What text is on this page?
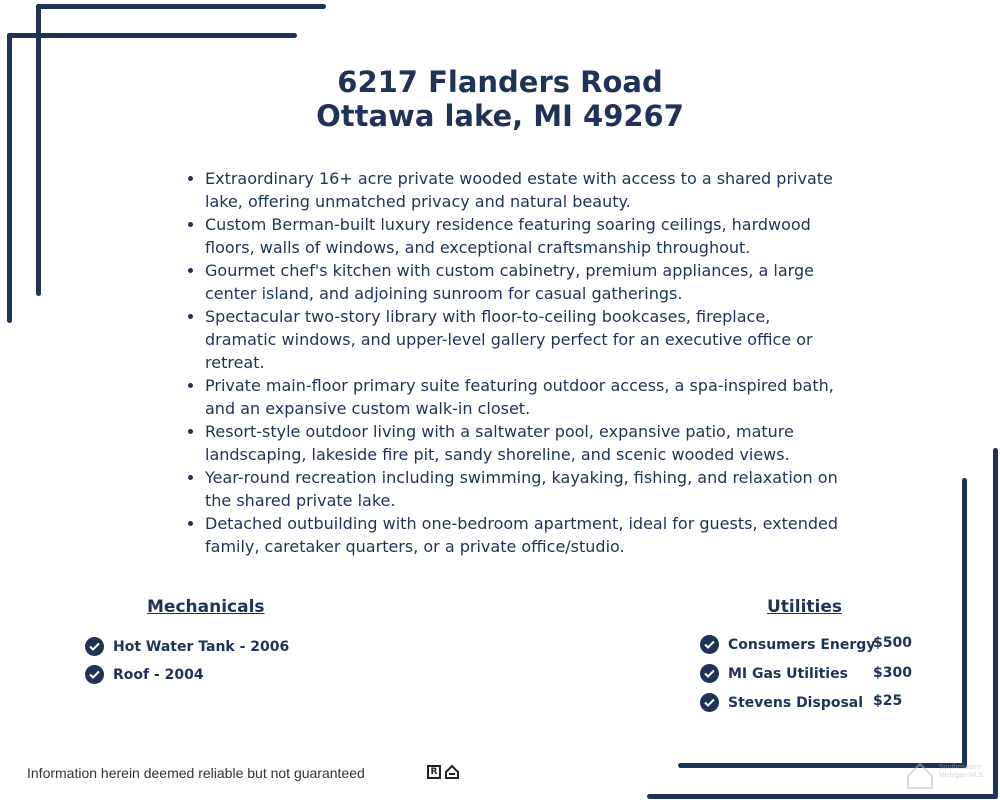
6217 Flanders Road
Ottawa lake, MI 49267
Extraordinary 16+ acre private wooded estate with access to a shared private lake, offering unmatched privacy and natural beauty.
Custom Berman-built luxury residence featuring soaring ceilings, hardwood floors, walls of windows, and exceptional craftsmanship throughout.
Gourmet chef's kitchen with custom cabinetry, premium appliances, a large center island, and adjoining sunroom for casual gatherings.
Spectacular two-story library with floor-to-ceiling bookcases, fireplace, dramatic windows, and upper-level gallery perfect for an executive office or retreat.
Private main-floor primary suite featuring outdoor access, a spa-inspired bath, and an expansive custom walk-in closet.
Resort-style outdoor living with a saltwater pool, expansive patio, mature landscaping, lakeside fire pit, sandy shoreline, and scenic wooded views.
Year-round recreation including swimming, kayaking, fishing, and relaxation on the shared private lake.
Detached outbuilding with one-bedroom apartment, ideal for guests, extended family, caretaker quarters, or a private office/studio.
Mechanicals
Hot Water Tank - 2006
Roof - 2004
Utilities
Consumers Energy
$500
MI Gas Utilities $300
Stevens Disposal $25
Information herein deemed reliable but not guaranteed	R	Southeastern Michigan MLS
